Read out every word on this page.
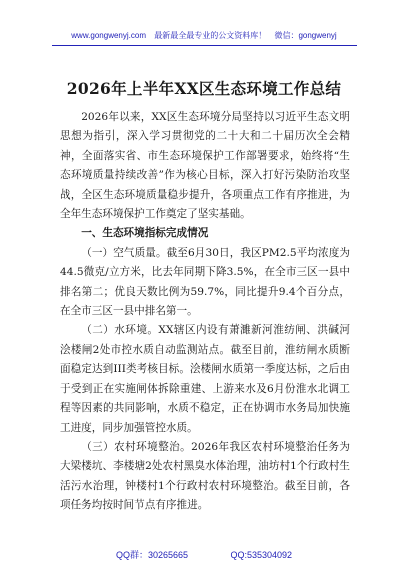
www.gongwenyj.com 最新最全最专业的公文资料库！ 微信：gongwenyj
2026年上半年XX区生态环境工作总结

2026年以来，XX区生态环境分局坚持以习近平生态文明思想为指引，深入学习贯彻党的二十大和二十届历次全会精神，全面落实省、市生态环境保护工作部署要求，始终将“生态环境质量持续改善”作为核心目标，深入打好污染防治攻坚战，全区生态环境质量稳步提升，各项重点工作有序推进，为全年生态环境保护工作奠定了坚实基础。

一、生态环境指标完成情况

（一）空气质量。截至6月30日，我区PM2.5平均浓度为44.5微克/立方米，比去年同期下降3.5%，在全市三区一县中排名第二；优良天数比例为59.7%，同比提升9.4个百分点，在全市三区一县中排名第一。

（二）水环境。XX辖区内设有萧濉新河淮纺闸、洪碱河浍楼闸2处市控水质自动监测站点。截至目前，淮纺闸水质断面稳定达到III类考核目标。浍楼闸水质第一季度达标，之后由于受到正在实施闸体拆除重建、上游来水及6月份淮水北调工程等因素的共同影响，水质不稳定，正在协调市水务局加快施工进度，同步加强管控水质。

（三）农村环境整治。2026年我区农村环境整治任务为大梁楼坑、李楼塘2处农村黑臭水体治理，油坊村1个行政村生活污水治理，钟楼村1个行政村农村环境整治。截至目前，各项任务均按时间节点有序推进。

QQ群：30265665	QQ:535304092
